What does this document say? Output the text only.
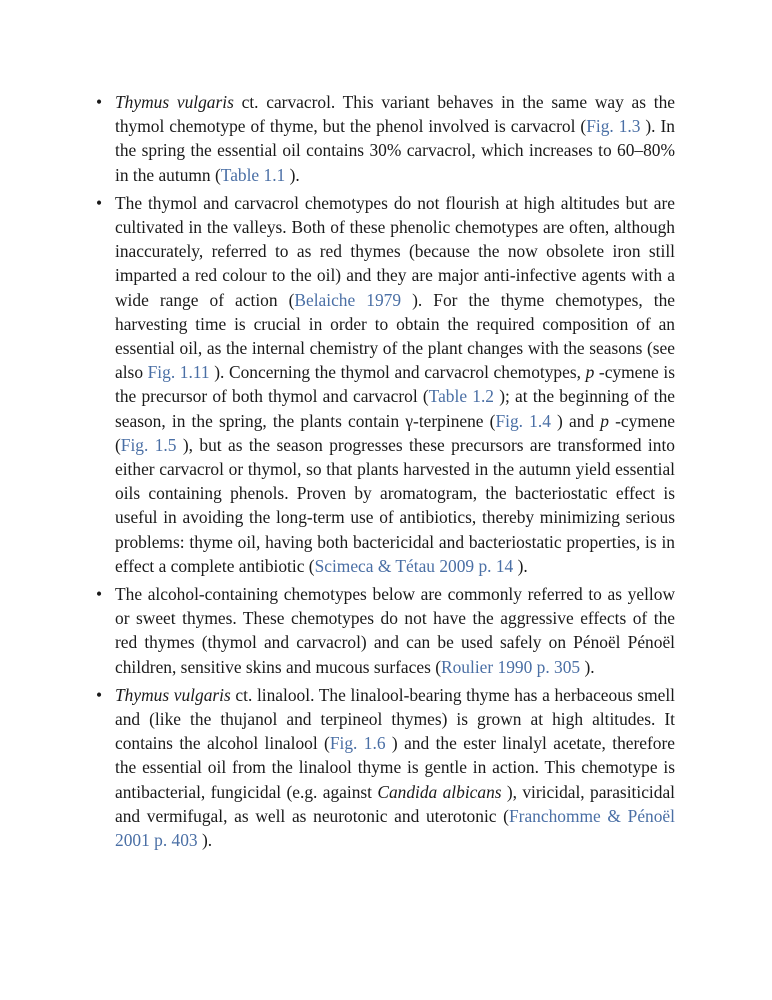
• Thymus vulgaris ct. carvacrol. This variant behaves in the same way as the thymol chemotype of thyme, but the phenol involved is carvacrol (Fig. 1.3 ). In the spring the essential oil contains 30% carvacrol, which increases to 60–80% in the autumn (Table 1.1 ).
• The thymol and carvacrol chemotypes do not flourish at high altitudes but are cultivated in the valleys. Both of these phenolic chemotypes are often, although inaccurately, referred to as red thymes (because the now obsolete iron still imparted a red colour to the oil) and they are major anti-infective agents with a wide range of action (Belaiche 1979 ). For the thyme chemotypes, the harvesting time is crucial in order to obtain the required composition of an essential oil, as the internal chemistry of the plant changes with the seasons (see also Fig. 1.11 ). Concerning the thymol and carvacrol chemotypes, p -cymene is the precursor of both thymol and carvacrol (Table 1.2 ); at the beginning of the season, in the spring, the plants contain γ-terpinene (Fig. 1.4 ) and p -cymene (Fig. 1.5 ), but as the season progresses these precursors are transformed into either carvacrol or thymol, so that plants harvested in the autumn yield essential oils containing phenols. Proven by aromatogram, the bacteriostatic effect is useful in avoiding the long-term use of antibiotics, thereby minimizing serious problems: thyme oil, having both bactericidal and bacteriostatic properties, is in effect a complete antibiotic (Scimeca & Tétau 2009 p. 14 ).
• The alcohol-containing chemotypes below are commonly referred to as yellow or sweet thymes. These chemotypes do not have the aggressive effects of the red thymes (thymol and carvacrol) and can be used safely on Pénoël Pénoël children, sensitive skins and mucous surfaces (Roulier 1990 p. 305 ).
• Thymus vulgaris ct. linalool. The linalool-bearing thyme has a herbaceous smell and (like the thujanol and terpineol thymes) is grown at high altitudes. It contains the alcohol linalool (Fig. 1.6 ) and the ester linalyl acetate, therefore the essential oil from the linalool thyme is gentle in action. This chemotype is antibacterial, fungicidal (e.g. against Candida albicans ), viricidal, parasiticidal and vermifugal, as well as neurotonic and uterotonic (Franchomme & Pénoël 2001 p. 403 ).
